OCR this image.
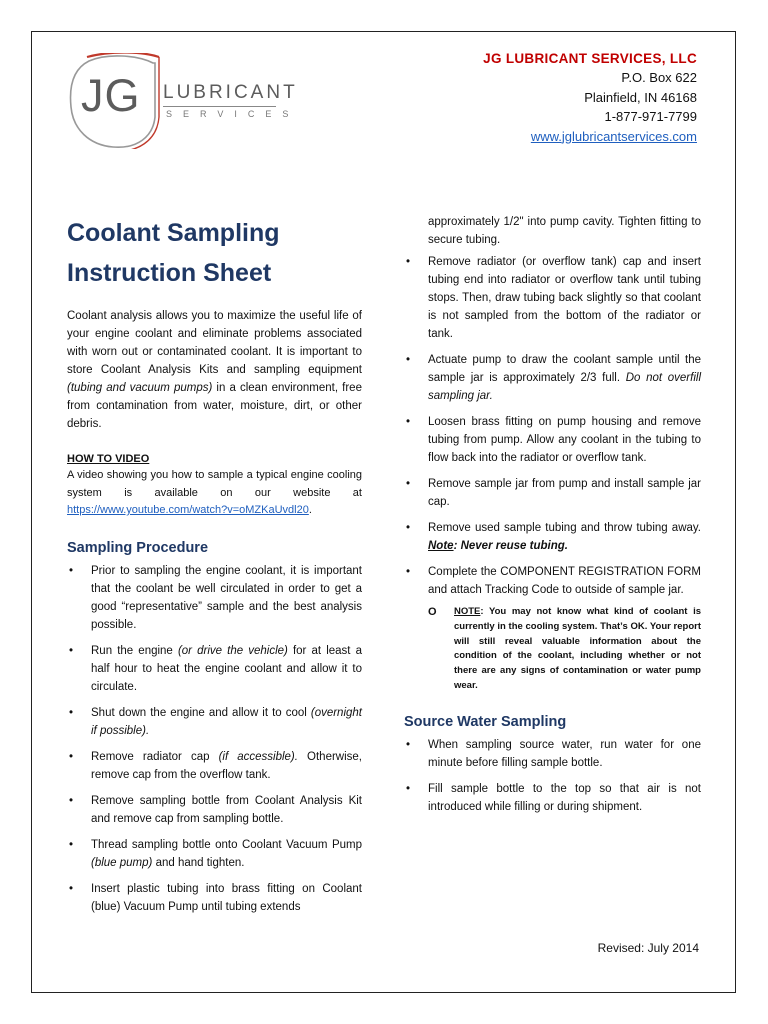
JG LUBRICANT
SERVICES
JG LUBRICANT SERVICES, LLC
P.O. Box 622
Plainfield, IN 46168
1-877-971-7799
www.jglubricantservices.com
Coolant Sampling
Instruction Sheet

Coolant analysis allows you to maximize the useful life of your engine coolant and eliminate problems associated with worn out or contaminated coolant. It is important to store Coolant Analysis Kits and sampling equipment (tubing and vacuum pumps) in a clean environment, free from contamination from water, moisture, dirt, or other debris.

HOW TO VIDEO

A video showing you how to sample a typical engine cooling system is available on our website at https://www.youtube.com/watch?v=oMZKaUvdl20.

Sampling Procedure
• Prior to sampling the engine coolant, it is important that the coolant be well circulated in order to get a good “representative” sample and the best analysis possible.
• Run the engine (or drive the vehicle) for at least a half hour to heat the engine coolant and allow it to circulate.
• Shut down the engine and allow it to cool (overnight if possible).
• Remove radiator cap (if accessible). Otherwise, remove cap from the overflow tank.
• Remove sampling bottle from Coolant Analysis Kit and remove cap from sampling bottle.
• Thread sampling bottle onto Coolant Vacuum Pump (blue pump) and hand tighten.
• Insert plastic tubing into brass fitting on Coolant (blue) Vacuum Pump until tubing extends

approximately 1/2" into pump cavity. Tighten fitting to secure tubing.

• Remove radiator (or overflow tank) cap and insert tubing end into radiator or overflow tank until tubing stops. Then, draw tubing back slightly so that coolant is not sampled from the bottom of the radiator or tank.
• Actuate pump to draw the coolant sample until the sample jar is approximately 2/3 full. Do not overfill sampling jar.
• Loosen brass fitting on pump housing and remove tubing from pump. Allow any coolant in the tubing to flow back into the radiator or overflow tank.
• Remove sample jar from pump and install sample jar cap.
• Remove used sample tubing and throw tubing away. Note: Never reuse tubing.
• Complete the COMPONENT REGISTRATION FORM and attach Tracking Code to outside of sample jar.
O NOTE: You may not know what kind of coolant is currently in the cooling system. That’s OK. Your report will still reveal valuable information about the condition of the coolant, including whether or not there are any signs of contamination or water pump wear.
Source Water Sampling
• When sampling source water, run water for one minute before filling sample bottle.
• Fill sample bottle to the top so that air is not introduced while filling or during shipment.
Revised: July 2014
